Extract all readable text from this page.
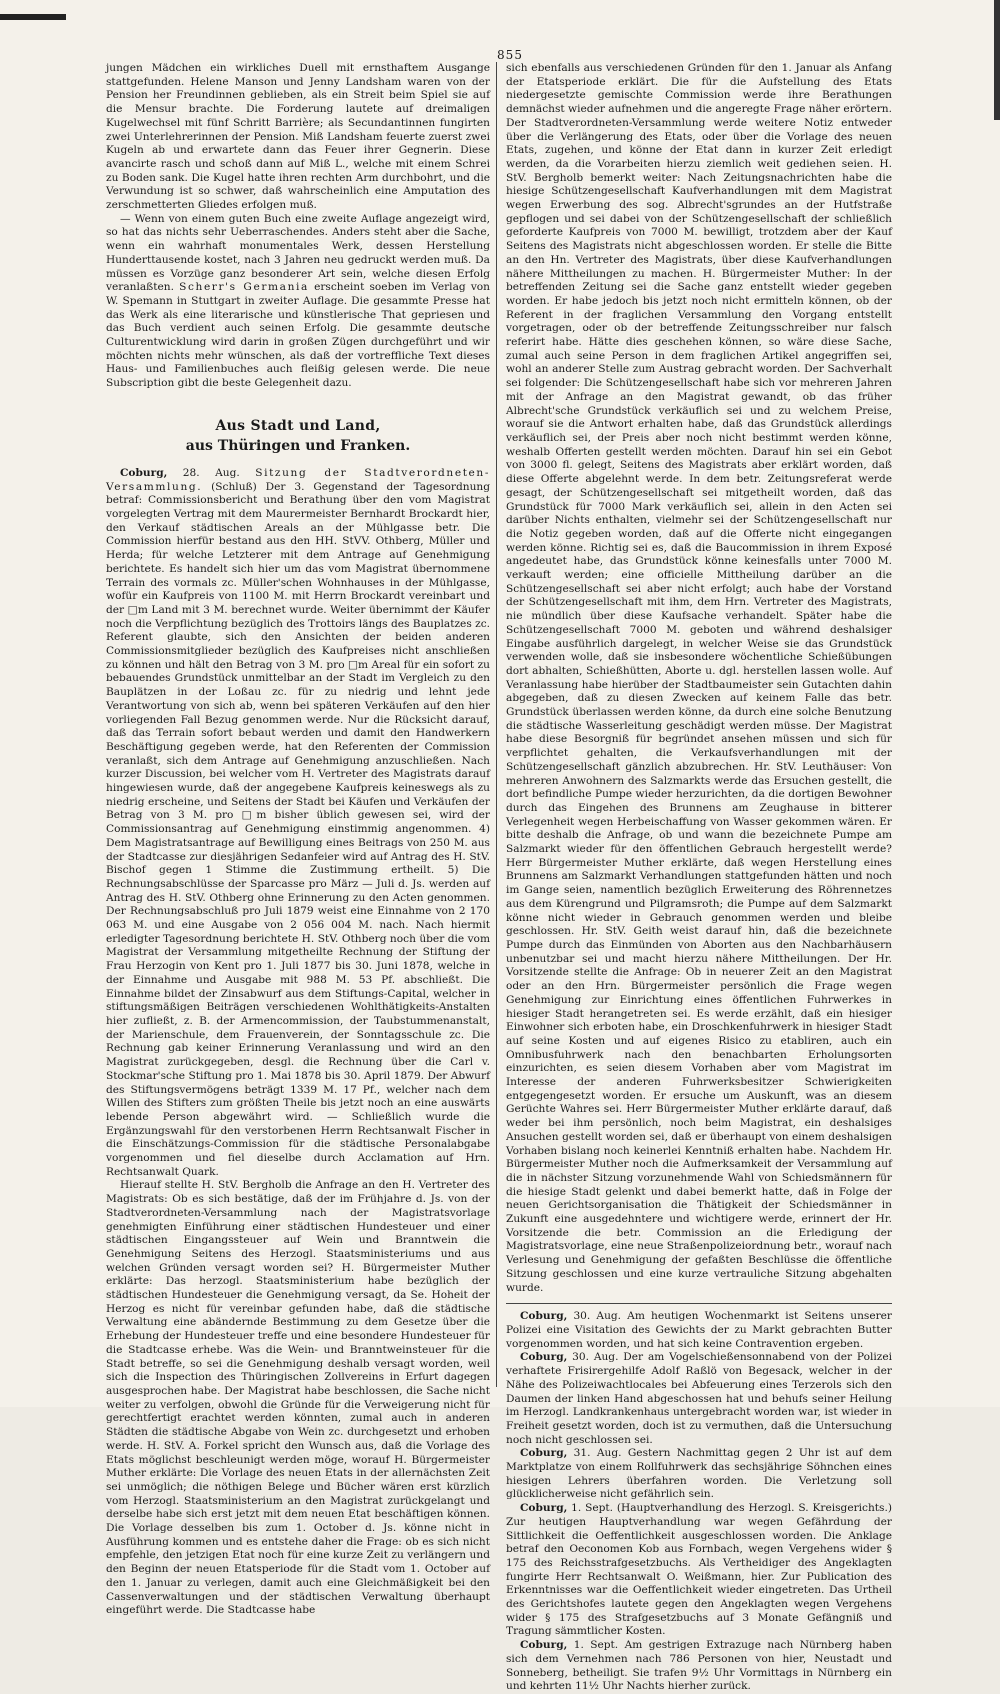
855

jungen Mädchen ein wirkliches Duell mit ernsthaftem Ausgange stattgefunden. Helene Manson und Jenny Landsham waren von der Pension her Freundinnen geblieben, als ein Streit beim Spiel sie auf die Mensur brachte. Die Forderung lautete auf dreimaligen Kugelwechsel mit fünf Schritt Barrière; als Secundantinnen fungirten zwei Unterlehrerinnen der Pension. Miß Landsham feuerte zuerst zwei Kugeln ab und erwartete dann das Feuer ihrer Gegnerin. Diese avancirte rasch und schoß dann auf Miß L., welche mit einem Schrei zu Boden sank. Die Kugel hatte ihren rechten Arm durchbohrt, und die Verwundung ist so schwer, daß wahrscheinlich eine Amputation des zerschmetterten Gliedes erfolgen muß.

— Wenn von einem guten Buch eine zweite Auflage angezeigt wird, so hat das nichts sehr Ueberraschendes. Anders steht aber die Sache, wenn ein wahrhaft monumentales Werk, dessen Herstellung Hunderttausende kostet, nach 3 Jahren neu gedruckt werden muß. Da müssen es Vorzüge ganz besonderer Art sein, welche diesen Erfolg veranlaßten. Scherr's Germania erscheint soeben im Verlag von W. Spemann in Stuttgart in zweiter Auflage. Die gesammte Presse hat das Werk als eine literarische und künstlerische That gepriesen und das Buch verdient auch seinen Erfolg. Die gesammte deutsche Culturentwicklung wird darin in großen Zügen durchgeführt und wir möchten nichts mehr wünschen, als daß der vortreffliche Text dieses Haus- und Familienbuches auch fleißig gelesen werde. Die neue Subscription gibt die beste Gelegenheit dazu.

Aus Stadt und Land,
aus Thüringen und Franken.

Coburg, 28. Aug. Sitzung der Stadtverordneten-Versammlung. (Schluß) Der 3. Gegenstand der Tagesordnung betraf: Commissionsbericht und Berathung über den vom Magistrat vorgelegten Vertrag mit dem Maurermeister Bernhardt Brockardt hier, den Verkauf städtischen Areals an der Mühlgasse betr. Die Commission hierfür bestand aus den HH. StVV. Othberg, Müller und Herda; für welche Letzterer mit dem Antrage auf Genehmigung berichtete. Es handelt sich hier um das vom Magistrat übernommene Terrain des vormals zc. Müller'schen Wohnhauses in der Mühlgasse, wofür ein Kaufpreis von 1100 M. mit Herrn Brockardt vereinbart und der □m Land mit 3 M. berechnet wurde. Weiter übernimmt der Käufer noch die Verpflichtung bezüglich des Trottoirs längs des Bauplatzes zc. Referent glaubte, sich den Ansichten der beiden anderen Commissionsmitglieder bezüglich des Kaufpreises nicht anschließen zu können und hält den Betrag von 3 M. pro □m Areal für ein sofort zu bebauendes Grundstück unmittelbar an der Stadt im Vergleich zu den Bauplätzen in der Loßau zc. für zu niedrig und lehnt jede Verantwortung von sich ab, wenn bei späteren Verkäufen auf den hier vorliegenden Fall Bezug genommen werde. Nur die Rücksicht darauf, daß das Terrain sofort bebaut werden und damit den Handwerkern Beschäftigung gegeben werde, hat den Referenten der Commission veranlaßt, sich dem Antrage auf Genehmigung anzuschließen. Nach kurzer Discussion, bei welcher vom H. Vertreter des Magistrats darauf hingewiesen wurde, daß der angegebene Kaufpreis keineswegs als zu niedrig erscheine, und Seitens der Stadt bei Käufen und Verkäufen der Betrag von 3 M. pro □m bisher üblich gewesen sei, wird der Commissionsantrag auf Genehmigung einstimmig angenommen. 4) Dem Magistratsantrage auf Bewilligung eines Beitrags von 250 M. aus der Stadtcasse zur diesjährigen Sedanfeier wird auf Antrag des H. StV. Bischof gegen 1 Stimme die Zustimmung ertheilt. 5) Die Rechnungsabschlüsse der Sparcasse pro März — Juli d. Js. werden auf Antrag des H. StV. Othberg ohne Erinnerung zu den Acten genommen. Der Rechnungsabschluß pro Juli 1879 weist eine Einnahme von 2 170 063 M. und eine Ausgabe von 2 056 004 M. nach. Nach hiermit erledigter Tagesordnung berichtete H. StV. Othberg noch über die vom Magistrat der Versammlung mitgetheilte Rechnung der Stiftung der Frau Herzogin von Kent pro 1. Juli 1877 bis 30. Juni 1878, welche in der Einnahme und Ausgabe mit 988 M. 53 Pf. abschließt. Die Einnahme bildet der Zinsabwurf aus dem Stiftungs-Capital, welcher in stiftungsmäßigen Beiträgen verschiedenen Wohlthätigkeits-Anstalten hier zufließt, z. B. der Armencommission, der Taubstummenanstalt, der Marienschule, dem Frauenverein, der Sonntagsschule zc. Die Rechnung gab keiner Erinnerung Veranlassung und wird an den Magistrat zurückgegeben, desgl. die Rechnung über die Carl v. Stockmar'sche Stiftung pro 1. Mai 1878 bis 30. April 1879. Der Abwurf des Stiftungsvermögens beträgt 1339 M. 17 Pf., welcher nach dem Willen des Stifters zum größten Theile bis jetzt noch an eine auswärts lebende Person abgewährt wird. — Schließlich wurde die Ergänzungswahl für den verstorbenen Herrn Rechtsanwalt Fischer in die Einschätzungs-Commission für die städtische Personalabgabe vorgenommen und fiel dieselbe durch Acclamation auf Hrn. Rechtsanwalt Quark.

Hierauf stellte H. StV. Bergholb die Anfrage an den H. Vertreter des Magistrats: Ob es sich bestätige, daß der im Frühjahre d. Js. von der Stadtverordneten-Versammlung nach der Magistratsvorlage genehmigten Einführung einer städtischen Hundesteuer und einer städtischen Eingangssteuer auf Wein und Branntwein die Genehmigung Seitens des Herzogl. Staatsministeriums und aus welchen Gründen versagt worden sei? H. Bürgermeister Muther erklärte: Das herzogl. Staatsministerium habe bezüglich der städtischen Hundesteuer die Genehmigung versagt, da Se. Hoheit der Herzog es nicht für vereinbar gefunden habe, daß die städtische Verwaltung eine abändernde Bestimmung zu dem Gesetze über die Erhebung der Hundesteuer treffe und eine besondere Hundesteuer für die Stadtcasse erhebe. Was die Wein- und Branntweinsteuer für die Stadt betreffe, so sei die Genehmigung deshalb versagt worden, weil sich die Inspection des Thüringischen Zollvereins in Erfurt dagegen ausgesprochen habe. Der Magistrat habe beschlossen, die Sache nicht weiter zu verfolgen, obwohl die Gründe für die Verweigerung nicht für gerechtfertigt erachtet werden könnten, zumal auch in anderen Städten die städtische Abgabe von Wein zc. durchgesetzt und erhoben werde. H. StV. A. Forkel spricht den Wunsch aus, daß die Vorlage des Etats möglichst beschleunigt werden möge, worauf H. Bürgermeister Muther erklärte: Die Vorlage des neuen Etats in der allernächsten Zeit sei unmöglich; die nöthigen Belege und Bücher wären erst kürzlich vom Herzogl. Staatsministerium an den Magistrat zurückgelangt und derselbe habe sich erst jetzt mit dem neuen Etat beschäftigen können. Die Vorlage desselben bis zum 1. October d. Js. könne nicht in Ausführung kommen und es entstehe daher die Frage: ob es sich nicht empfehle, den jetzigen Etat noch für eine kurze Zeit zu verlängern und den Beginn der neuen Etatsperiode für die Stadt vom 1. October auf den 1. Januar zu verlegen, damit auch eine Gleichmäßigkeit bei den Cassenverwaltungen und der städtischen Verwaltung überhaupt eingeführt werde. Die Stadtcasse habe

sich ebenfalls aus verschiedenen Gründen für den 1. Januar als Anfang der Etatsperiode erklärt. Die für die Aufstellung des Etats niedergesetzte gemischte Commission werde ihre Berathungen demnächst wieder aufnehmen und die angeregte Frage näher erörtern. Der Stadtverordneten-Versammlung werde weitere Notiz entweder über die Verlängerung des Etats, oder über die Vorlage des neuen Etats, zugehen, und könne der Etat dann in kurzer Zeit erledigt werden, da die Vorarbeiten hierzu ziemlich weit gediehen seien. H. StV. Bergholb bemerkt weiter: Nach Zeitungsnachrichten habe die hiesige Schützengesellschaft Kaufverhandlungen mit dem Magistrat wegen Erwerbung des sog. Albrecht'sgrundes an der Hutfstraße gepflogen und sei dabei von der Schützengesellschaft der schließlich geforderte Kaufpreis von 7000 M. bewilligt, trotzdem aber der Kauf Seitens des Magistrats nicht abgeschlossen worden. Er stelle die Bitte an den Hn. Vertreter des Magistrats, über diese Kaufverhandlungen nähere Mittheilungen zu machen. H. Bürgermeister Muther: In der betreffenden Zeitung sei die Sache ganz entstellt wieder gegeben worden. Er habe jedoch bis jetzt noch nicht ermitteln können, ob der Referent in der fraglichen Versammlung den Vorgang entstellt vorgetragen, oder ob der betreffende Zeitungsschreiber nur falsch referirt habe. Hätte dies geschehen können, so wäre diese Sache, zumal auch seine Person in dem fraglichen Artikel angegriffen sei, wohl an anderer Stelle zum Austrag gebracht worden. Der Sachverhalt sei folgender: Die Schützengesellschaft habe sich vor mehreren Jahren mit der Anfrage an den Magistrat gewandt, ob das früher Albrecht'sche Grundstück verkäuflich sei und zu welchem Preise, worauf sie die Antwort erhalten habe, daß das Grundstück allerdings verkäuflich sei, der Preis aber noch nicht bestimmt werden könne, weshalb Offerten gestellt werden möchten. Darauf hin sei ein Gebot von 3000 fl. gelegt, Seitens des Magistrats aber erklärt worden, daß diese Offerte abgelehnt werde. In dem betr. Zeitungsreferat werde gesagt, der Schützengesellschaft sei mitgetheilt worden, daß das Grundstück für 7000 Mark verkäuflich sei, allein in den Acten sei darüber Nichts enthalten, vielmehr sei der Schützengesellschaft nur die Notiz gegeben worden, daß auf die Offerte nicht eingegangen werden könne. Richtig sei es, daß die Baucommission in ihrem Exposé angedeutet habe, das Grundstück könne keinesfalls unter 7000 M. verkauft werden; eine officielle Mittheilung darüber an die Schützengesellschaft sei aber nicht erfolgt; auch habe der Vorstand der Schützengesellschaft mit ihm, dem Hrn. Vertreter des Magistrats, nie mündlich über diese Kaufsache verhandelt. Später habe die Schützengesellschaft 7000 M. geboten und während deshalsiger Eingabe ausführlich dargelegt, in welcher Weise sie das Grundstück verwenden wolle, daß sie insbesondere wöchentliche Schießübungen dort abhalten, Schießhütten, Aborte u. dgl. herstellen lassen wolle. Auf Veranlassung habe hierüber der Stadtbaumeister sein Gutachten dahin abgegeben, daß zu diesen Zwecken auf keinem Falle das betr. Grundstück überlassen werden könne, da durch eine solche Benutzung die städtische Wasserleitung geschädigt werden müsse. Der Magistrat habe diese Besorgniß für begründet ansehen müssen und sich für verpflichtet gehalten, die Verkaufsverhandlungen mit der Schützengesellschaft gänzlich abzubrechen. Hr. StV. Leuthäuser: Von mehreren Anwohnern des Salzmarkts werde das Ersuchen gestellt, die dort befindliche Pumpe wieder herzurichten, da die dortigen Bewohner durch das Eingehen des Brunnens am Zeughause in bitterer Verlegenheit wegen Herbeischaffung von Wasser gekommen wären. Er bitte deshalb die Anfrage, ob und wann die bezeichnete Pumpe am Salzmarkt wieder für den öffentlichen Gebrauch hergestellt werde? Herr Bürgermeister Muther erklärte, daß wegen Herstellung eines Brunnens am Salzmarkt Verhandlungen stattgefunden hätten und noch im Gange seien, namentlich bezüglich Erweiterung des Röhrennetzes aus dem Kürengrund und Pilgramsroth; die Pumpe auf dem Salzmarkt könne nicht wieder in Gebrauch genommen werden und bleibe geschlossen. Hr. StV. Geith weist darauf hin, daß die bezeichnete Pumpe durch das Einmünden von Aborten aus den Nachbarhäusern unbenutzbar sei und macht hierzu nähere Mittheilungen. Der Hr. Vorsitzende stellte die Anfrage: Ob in neuerer Zeit an den Magistrat oder an den Hrn. Bürgermeister persönlich die Frage wegen Genehmigung zur Einrichtung eines öffentlichen Fuhrwerkes in hiesiger Stadt herangetreten sei. Es werde erzählt, daß ein hiesiger Einwohner sich erboten habe, ein Droschkenfuhrwerk in hiesiger Stadt auf seine Kosten und auf eigenes Risico zu etabliren, auch ein Omnibusfuhrwerk nach den benachbarten Erholungsorten einzurichten, es seien diesem Vorhaben aber vom Magistrat im Interesse der anderen Fuhrwerksbesitzer Schwierigkeiten entgegengesetzt worden. Er ersuche um Auskunft, was an diesem Gerüchte Wahres sei. Herr Bürgermeister Muther erklärte darauf, daß weder bei ihm persönlich, noch beim Magistrat, ein deshalsiges Ansuchen gestellt worden sei, daß er überhaupt von einem deshalsigen Vorhaben bislang noch keinerlei Kenntniß erhalten habe. Nachdem Hr. Bürgermeister Muther noch die Aufmerksamkeit der Versammlung auf die in nächster Sitzung vorzunehmende Wahl von Schiedsmännern für die hiesige Stadt gelenkt und dabei bemerkt hatte, daß in Folge der neuen Gerichtsorganisation die Thätigkeit der Schiedsmänner in Zukunft eine ausgedehntere und wichtigere werde, erinnert der Hr. Vorsitzende die betr. Commission an die Erledigung der Magistratsvorlage, eine neue Straßenpolizeiordnung betr., worauf nach Verlesung und Genehmigung der gefaßten Beschlüsse die öffentliche Sitzung geschlossen und eine kurze vertrauliche Sitzung abgehalten wurde.

Coburg, 30. Aug. Am heutigen Wochenmarkt ist Seitens unserer Polizei eine Visitation des Gewichts der zu Markt gebrachten Butter vorgenommen worden, und hat sich keine Contravention ergeben.

Coburg, 30. Aug. Der am Vogelschießensonnabend von der Polizei verhaftete Frisirergehilfe Adolf Raßlö von Begesack, welcher in der Nähe des Polizeiwachtlocales bei Abfeuerung eines Terzerols sich den Daumen der linken Hand abgeschossen hat und behufs seiner Heilung im Herzogl. Landkrankenhaus untergebracht worden war, ist wieder in Freiheit gesetzt worden, doch ist zu vermuthen, daß die Untersuchung noch nicht geschlossen sei.

Coburg, 31. Aug. Gestern Nachmittag gegen 2 Uhr ist auf dem Marktplatze von einem Rollfuhrwerk das sechsjährige Söhnchen eines hiesigen Lehrers überfahren worden. Die Verletzung soll glücklicherweise nicht gefährlich sein.

Coburg, 1. Sept. (Hauptverhandlung des Herzogl. S. Kreisgerichts.) Zur heutigen Hauptverhandlung war wegen Gefährdung der Sittlichkeit die Oeffentlichkeit ausgeschlossen worden. Die Anklage betraf den Oeconomen Kob aus Fornbach, wegen Vergehens wider § 175 des Reichsstrafgesetzbuchs. Als Vertheidiger des Angeklagten fungirte Herr Rechtsanwalt O. Weißmann, hier. Zur Publication des Erkenntnisses war die Oeffentlichkeit wieder eingetreten. Das Urtheil des Gerichtshofes lautete gegen den Angeklagten wegen Vergehens wider § 175 des Strafgesetzbuchs auf 3 Monate Gefängniß und Tragung sämmtlicher Kosten.

Coburg, 1. Sept. Am gestrigen Extrazuge nach Nürnberg haben sich dem Vernehmen nach 786 Personen von hier, Neustadt und Sonneberg, betheiligt. Sie trafen 9½ Uhr Vormittags in Nürnberg ein und kehrten 11½ Uhr Nachts hierher zurück.
